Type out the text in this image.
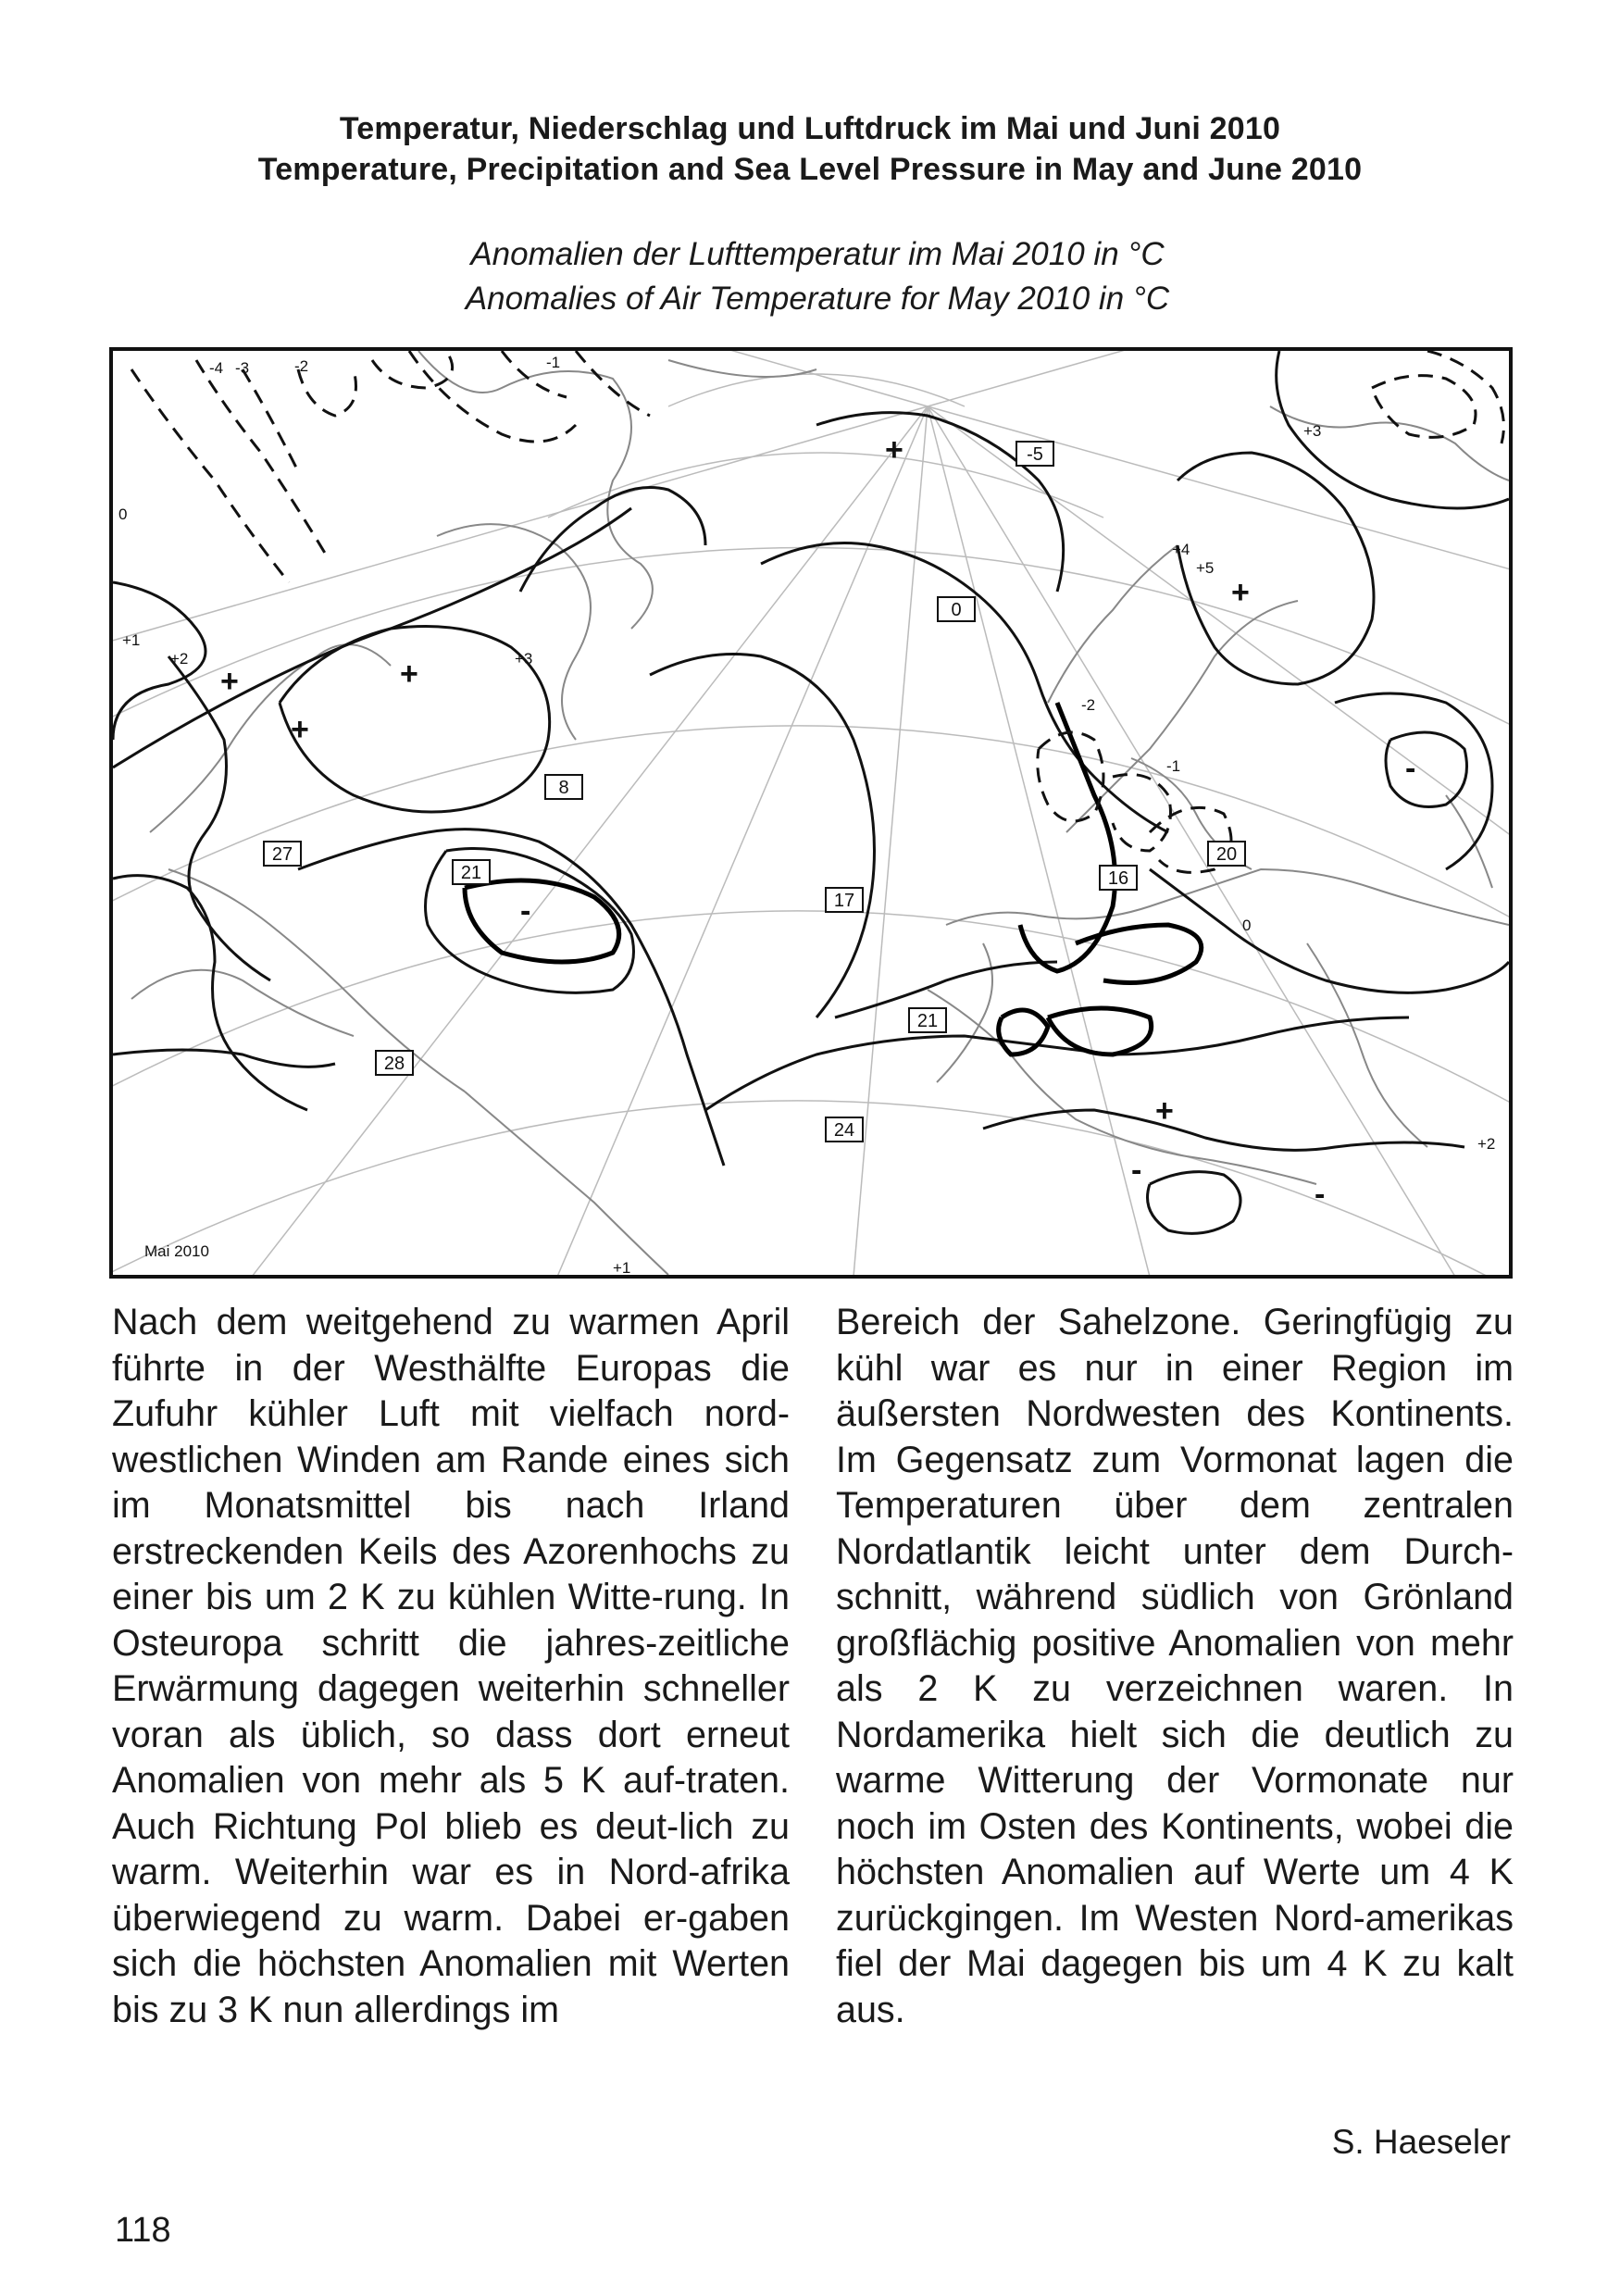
Temperatur, Niederschlag und Luftdruck im Mai und Juni 2010
Temperature, Precipitation and Sea Level Pressure in May and June 2010
Anomalien der Lufttemperatur im Mai 2010 in °C
Anomalies of Air Temperature for May 2010 in °C
-5
0
8
27
21
17
16
20
21
28
24
-4 -3	-2	-1
0
+1
+2	+3
+4
+5
-2
-1
0
+1
+2
+3
+	+
+
+
+
+
-
-
-
-
Mai 2010

Nach dem weitgehend zu warmen April führte in der Westhälfte Europas die Zufuhr kühler Luft mit vielfach nord-westlichen Winden am Rande eines sich im Monatsmittel bis nach Irland erstreckenden Keils des Azorenhochs zu einer bis um 2 K zu kühlen Witte-rung. In Osteuropa schritt die jahres-zeitliche Erwärmung dagegen weiterhin schneller voran als üblich, so dass dort erneut Anomalien von mehr als 5 K auf-traten. Auch Richtung Pol blieb es deut-lich zu warm. Weiterhin war es in Nord-afrika überwiegend zu warm. Dabei er-gaben sich die höchsten Anomalien mit Werten bis zu 3 K nun allerdings im

Bereich der Sahelzone. Geringfügig zu kühl war es nur in einer Region im äußersten Nordwesten des Kontinents. Im Gegensatz zum Vormonat lagen die Temperaturen über dem zentralen Nordatlantik leicht unter dem Durch-schnitt, während südlich von Grönland großflächig positive Anomalien von mehr als 2 K zu verzeichnen waren. In Nordamerika hielt sich die deutlich zu warme Witterung der Vormonate nur noch im Osten des Kontinents, wobei die höchsten Anomalien auf Werte um 4 K zurückgingen. Im Westen Nord-amerikas fiel der Mai dagegen bis um 4 K zu kalt aus.

S. Haeseler
118
